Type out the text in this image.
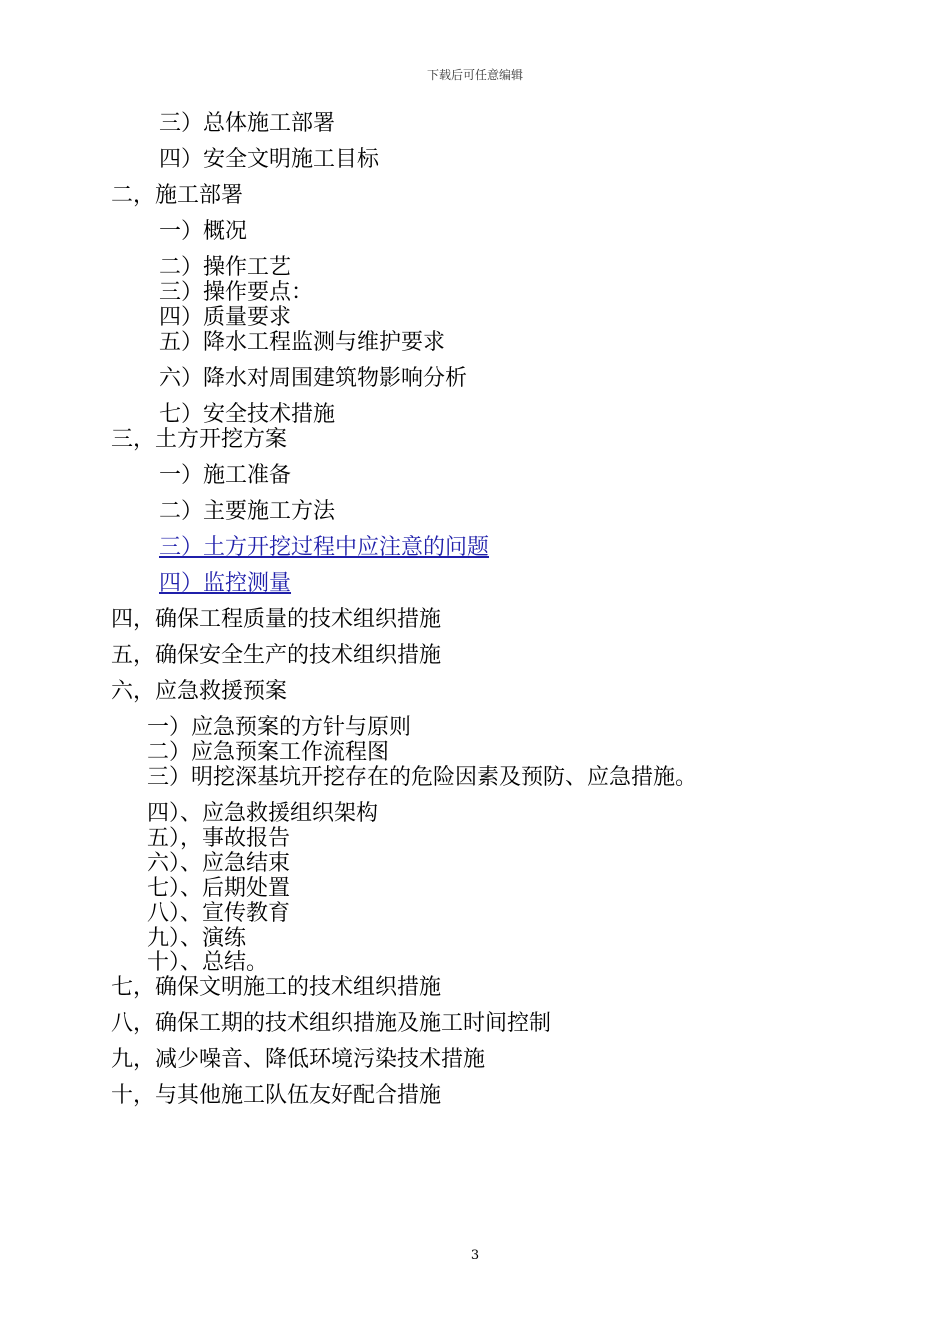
下载后可任意编辑
三）总体施工部署
四）安全文明施工目标
二，施工部署
一）概况
二）操作工艺
三）操作要点：
四）质量要求
五）降水工程监测与维护要求
六）降水对周围建筑物影响分析
七）安全技术措施
三，土方开挖方案
一）施工准备
二）主要施工方法
三）土方开挖过程中应注意的问题
四）监控测量
四，确保工程质量的技术组织措施
五，确保安全生产的技术组织措施
六，应急救援预案
一）应急预案的方针与原则
二）应急预案工作流程图
三）明挖深基坑开挖存在的危险因素及预防、应急措施。
四）、应急救援组织架构
五），事故报告
六）、应急结束
七）、后期处置
八）、宣传教育
九）、演练
十）、总结。
七，确保文明施工的技术组织措施
八，确保工期的技术组织措施及施工时间控制
九，减少噪音、降低环境污染技术措施
十，与其他施工队伍友好配合措施
3
